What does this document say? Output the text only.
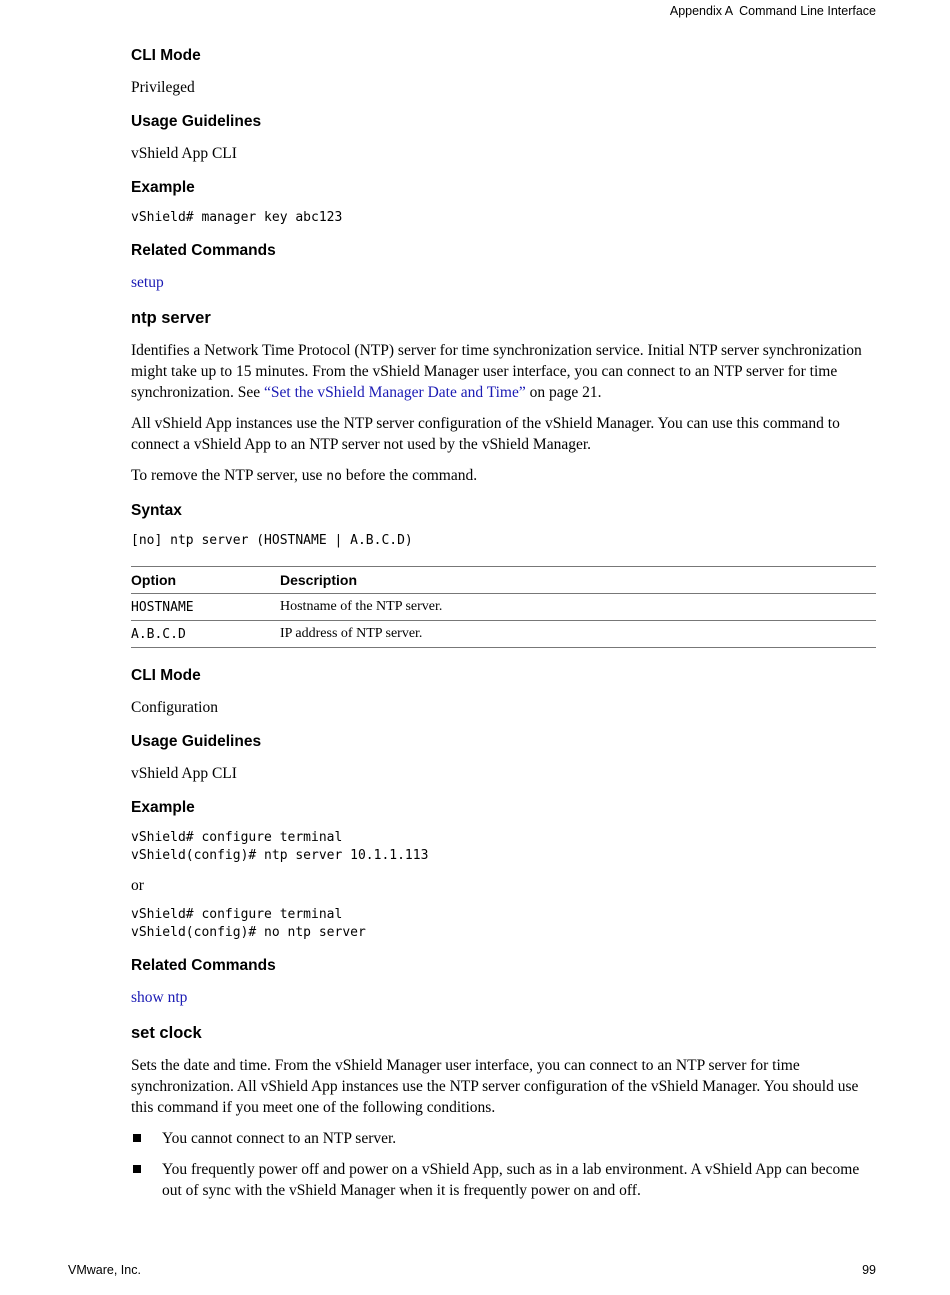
Appendix A Command Line Interface
CLI Mode

Privileged

Usage Guidelines

vShield App CLI

Example

vShield# manager key abc123

Related Commands

setup

ntp server

Identifies a Network Time Protocol (NTP) server for time synchronization service. Initial NTP server synchronization might take up to 15 minutes. From the vShield Manager user interface, you can connect to an NTP server for time synchronization. See “Set the vShield Manager Date and Time” on page 21.

All vShield App instances use the NTP server configuration of the vShield Manager. You can use this command to connect a vShield App to an NTP server not used by the vShield Manager.

To remove the NTP server, use no before the command.

Syntax

[no] ntp server (HOSTNAME | A.B.C.D)

Option	Description
HOSTNAME	Hostname of the NTP server.
A.B.C.D	IP address of NTP server.
CLI Mode

Configuration

Usage Guidelines

vShield App CLI

Example

vShield# configure terminal

vShield(config)# ntp server 10.1.1.113

or

vShield# configure terminal

vShield(config)# no ntp server

Related Commands

show ntp

set clock

Sets the date and time. From the vShield Manager user interface, you can connect to an NTP server for time synchronization. All vShield App instances use the NTP server configuration of the vShield Manager. You should use this command if you meet one of the following conditions.

You cannot connect to an NTP server.
You frequently power off and power on a vShield App, such as in a lab environment. A vShield App can become out of sync with the vShield Manager when it is frequently power on and off.
VMware, Inc.	99
